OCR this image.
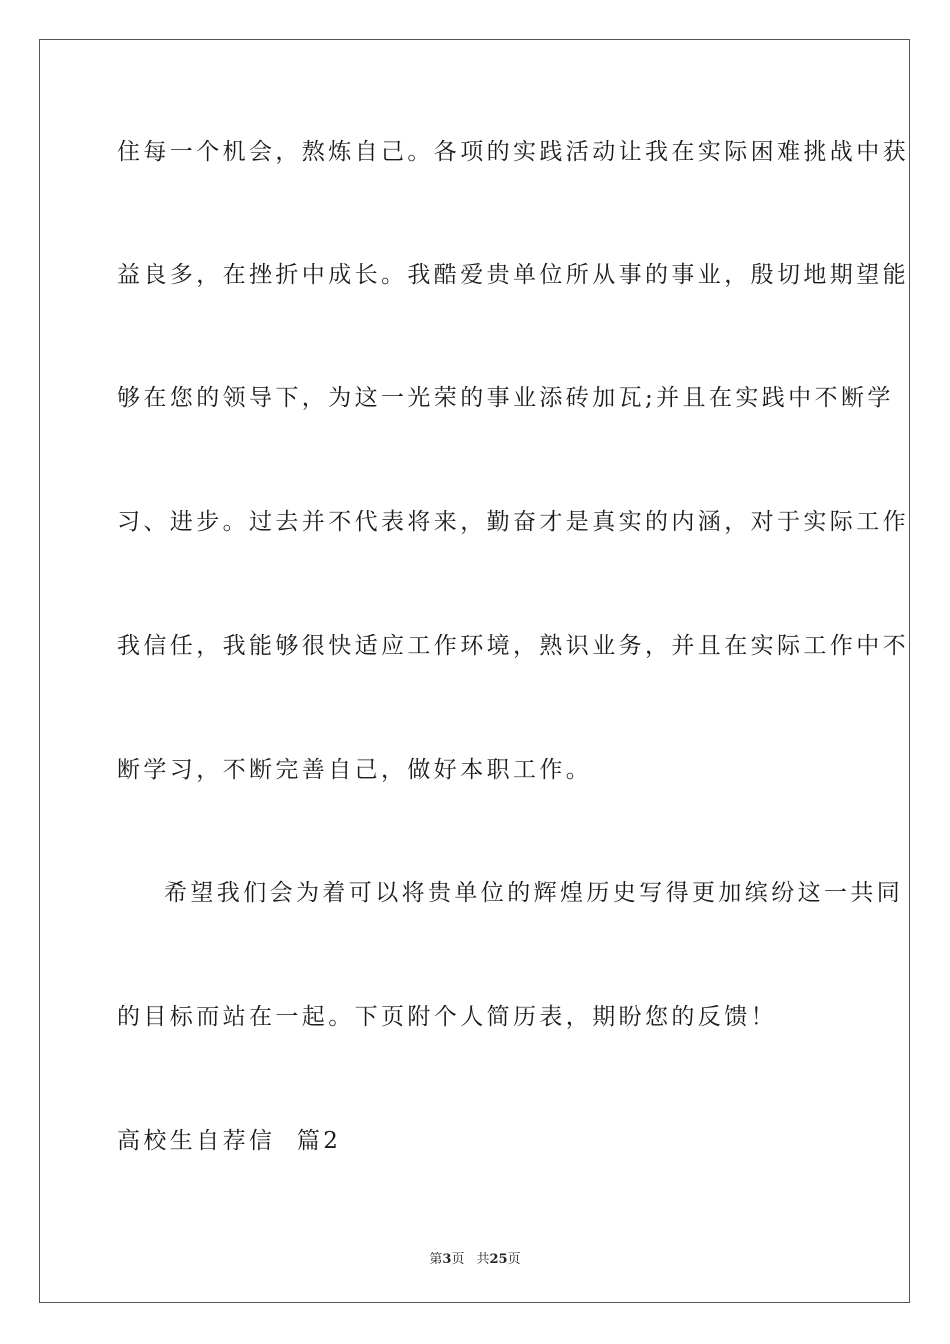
住每一个机会，熬炼自己。各项的实践活动让我在实际困难挑战中获
益良多，在挫折中成长。我酷爱贵单位所从事的事业，殷切地期望能
够在您的领导下，为这一光荣的事业添砖加瓦;并且在实践中不断学
习、进步。过去并不代表将来，勤奋才是真实的内涵，对于实际工作
我信任，我能够很快适应工作环境，熟识业务，并且在实际工作中不
断学习，不断完善自己，做好本职工作。
希望我们会为着可以将贵单位的辉煌历史写得更加缤纷这一共同
的目标而站在一起。下页附个人简历表，期盼您的反馈！
高校生自荐信  篇2
第3页 共25页
